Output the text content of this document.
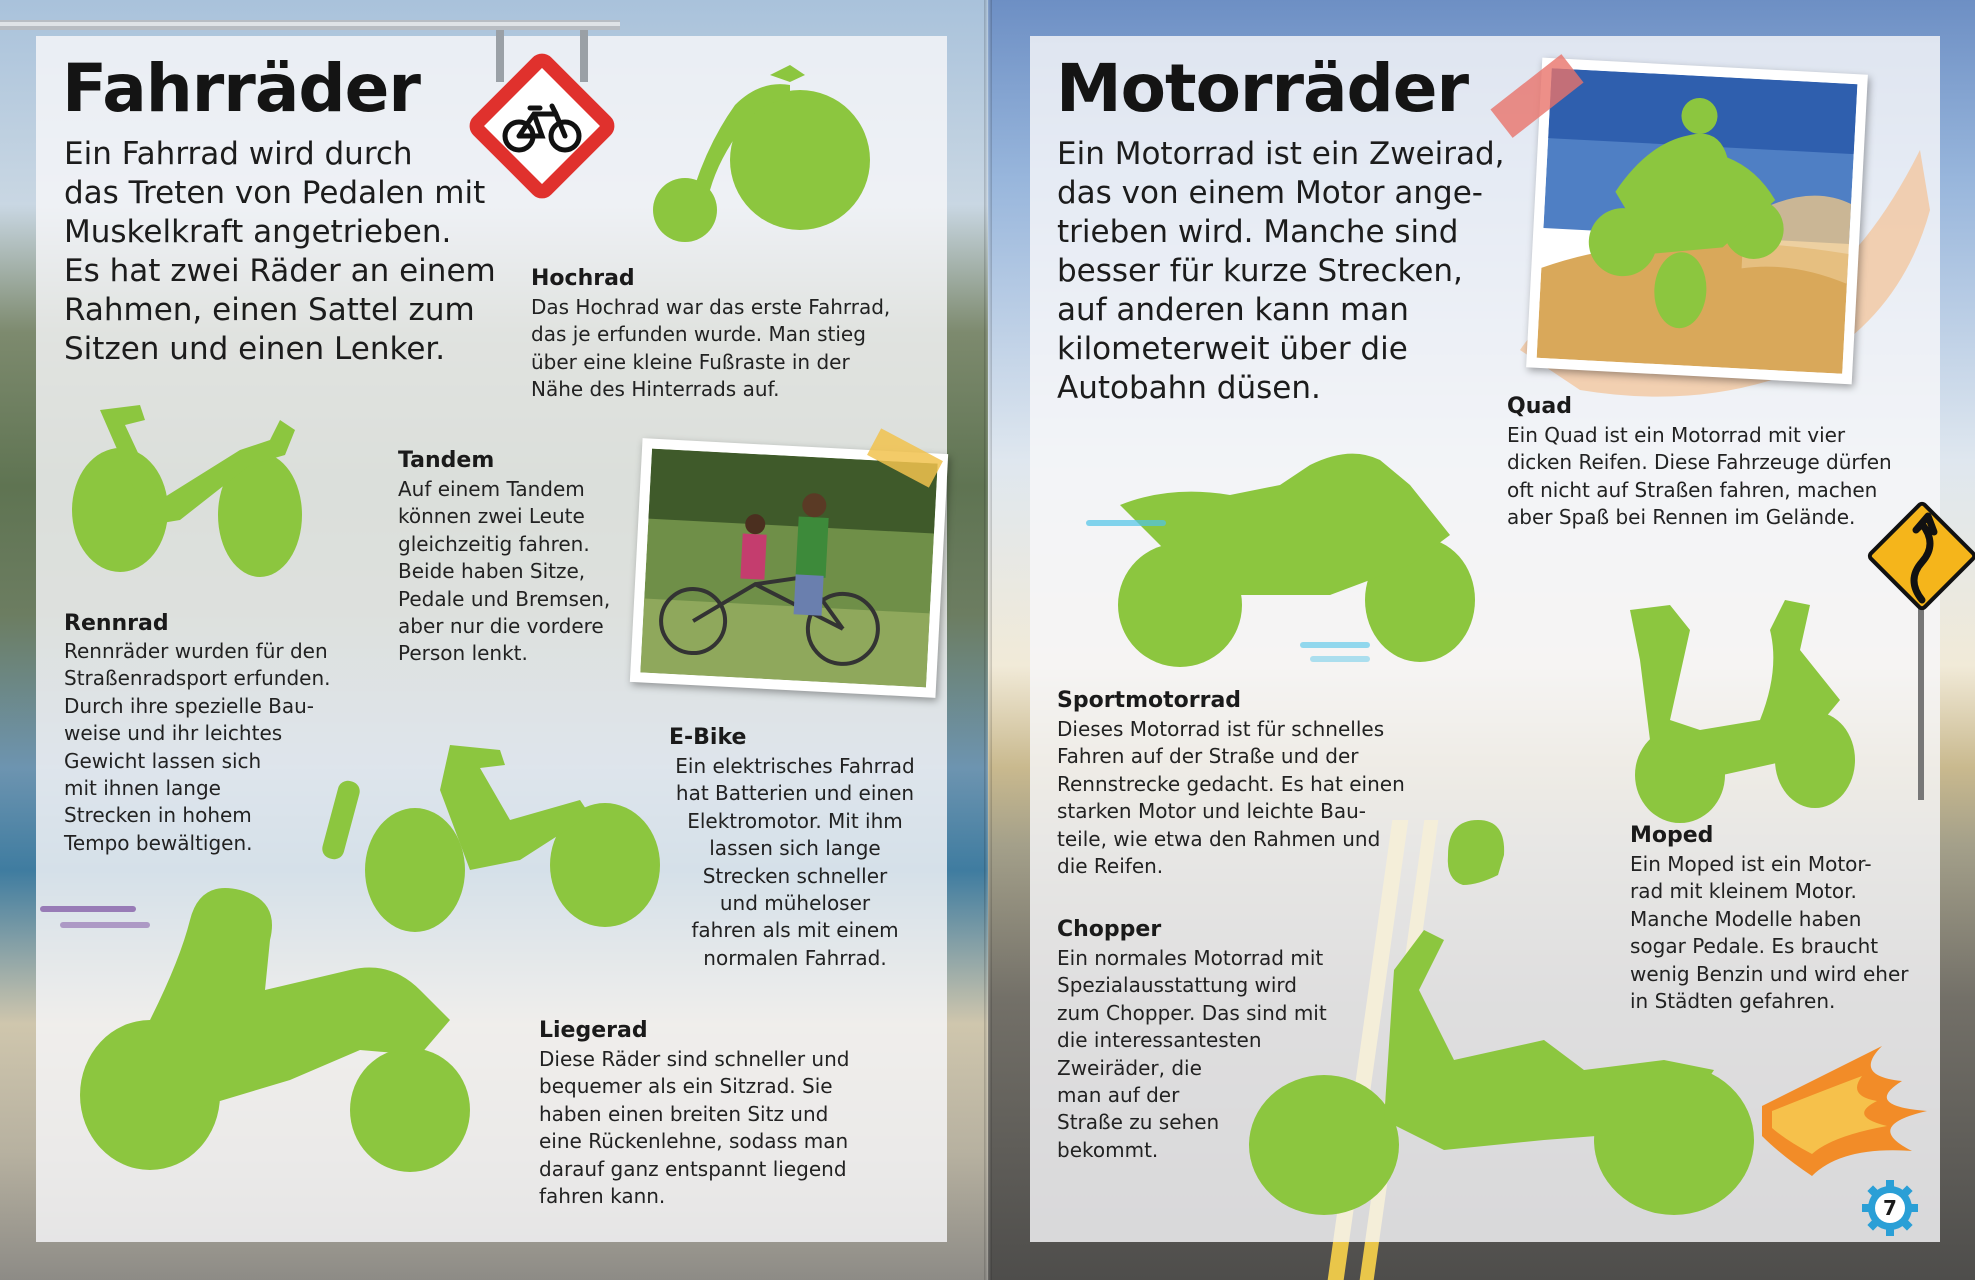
Fahrräder
Ein Fahrrad wird durch
das Treten von Pedalen mit
Muskelkraft angetrieben.
Es hat zwei Räder an einem
Rahmen, einen Sattel zum
Sitzen und einen Lenker.
Hochrad
Das Hochrad war das erste Fahrrad,
das je erfunden wurde. Man stieg
über eine kleine Fußraste in der
Nähe des Hinterrads auf.
Tandem
Auf einem Tandem
können zwei Leute
gleichzeitig fahren.
Beide haben Sitze,
Pedale und Bremsen,
aber nur die vordere
Person lenkt.
Rennrad
Rennräder wurden für den
Straßenradsport erfunden.
Durch ihre spezielle Bau-
weise und ihr leichtes
Gewicht lassen sich
mit ihnen lange
Strecken in hohem
Tempo bewältigen.
E-Bike
Ein elektrisches Fahrrad
hat Batterien und einen
Elektromotor. Mit ihm
lassen sich lange
Strecken schneller
und müheloser
fahren als mit einem
normalen Fahrrad.
Liegerad
Diese Räder sind schneller und
bequemer als ein Sitzrad. Sie
haben einen breiten Sitz und
eine Rückenlehne, sodass man
darauf ganz entspannt liegend
fahren kann.
Motorräder
Ein Motorrad ist ein Zweirad,
das von einem Motor ange-
trieben wird. Manche sind
besser für kurze Strecken,
auf anderen kann man
kilometerweit über die
Autobahn düsen.
Quad
Ein Quad ist ein Motorrad mit vier
dicken Reifen. Diese Fahrzeuge dürfen
oft nicht auf Straßen fahren, machen
aber Spaß bei Rennen im Gelände.
Sportmotorrad
Dieses Motorrad ist für schnelles
Fahren auf der Straße und der
Rennstrecke gedacht. Es hat einen
starken Motor und leichte Bau-
teile, wie etwa den Rahmen und
die Reifen.
Chopper
Ein normales Motorrad mit
Spezialausstattung wird
zum Chopper. Das sind mit
die interessantesten
Zweiräder, die
man auf der
Straße zu sehen
bekommt.
Moped
Ein Moped ist ein Motor-
rad mit kleinem Motor.
Manche Modelle haben
sogar Pedale. Es braucht
wenig Benzin und wird eher
in Städten gefahren.
7
